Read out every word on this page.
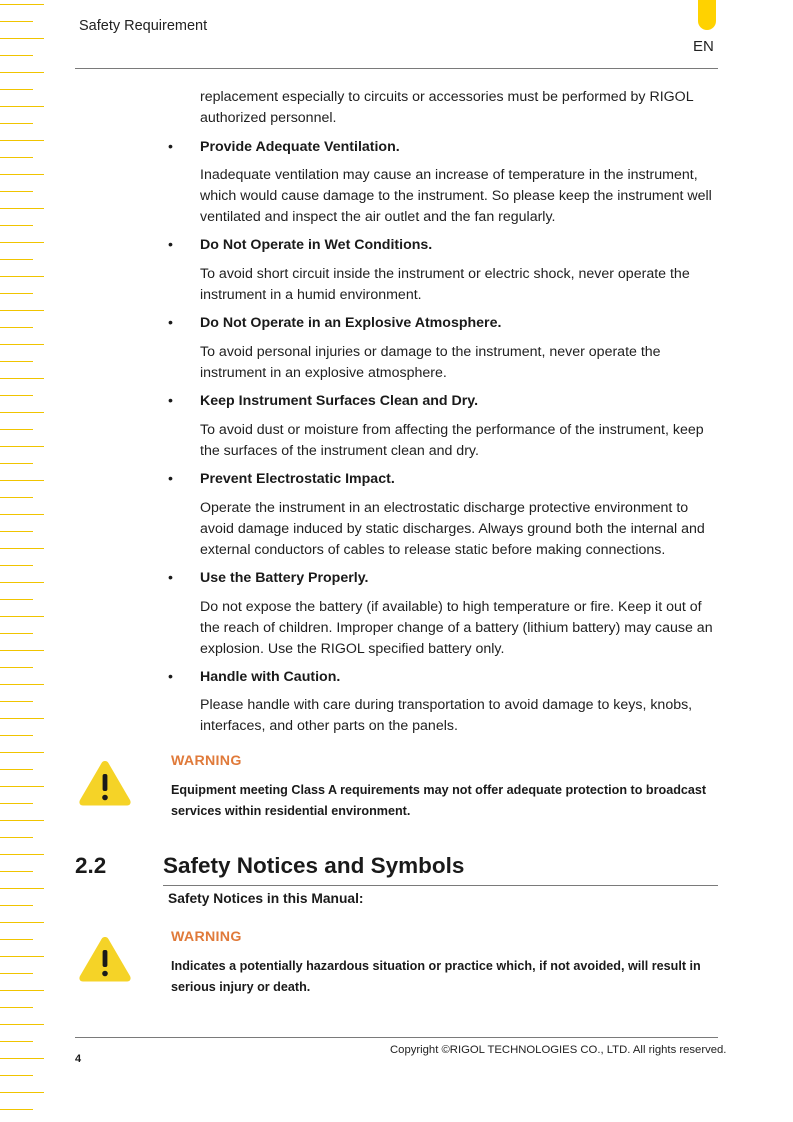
Safety Requirement
EN
replacement especially to circuits or accessories must be performed by RIGOL authorized personnel.
•	Provide Adequate Ventilation.
Inadequate ventilation may cause an increase of temperature in the instrument, which would cause damage to the instrument. So please keep the instrument well ventilated and inspect the air outlet and the fan regularly.
•	Do Not Operate in Wet Conditions.
To avoid short circuit inside the instrument or electric shock, never operate the instrument in a humid environment.
•	Do Not Operate in an Explosive Atmosphere.
To avoid personal injuries or damage to the instrument, never operate the instrument in an explosive atmosphere.
•	Keep Instrument Surfaces Clean and Dry.
To avoid dust or moisture from affecting the performance of the instrument, keep the surfaces of the instrument clean and dry.
•	Prevent Electrostatic Impact.
Operate the instrument in an electrostatic discharge protective environment to avoid damage induced by static discharges. Always ground both the internal and external conductors of cables to release static before making connections.
•	Use the Battery Properly.
Do not expose the battery (if available) to high temperature or fire. Keep it out of the reach of children. Improper change of a battery (lithium battery) may cause an explosion. Use the RIGOL specified battery only.
•	Handle with Caution.
Please handle with care during transportation to avoid damage to keys, knobs, interfaces, and other parts on the panels.
WARNING
Equipment meeting Class A requirements may not offer adequate protection to broadcast services within residential environment.
2.2	Safety Notices and Symbols
Safety Notices in this Manual:
WARNING
Indicates a potentially hazardous situation or practice which, if not avoided, will result in serious injury or death.
4
Copyright ©RIGOL TECHNOLOGIES CO., LTD. All rights reserved.
